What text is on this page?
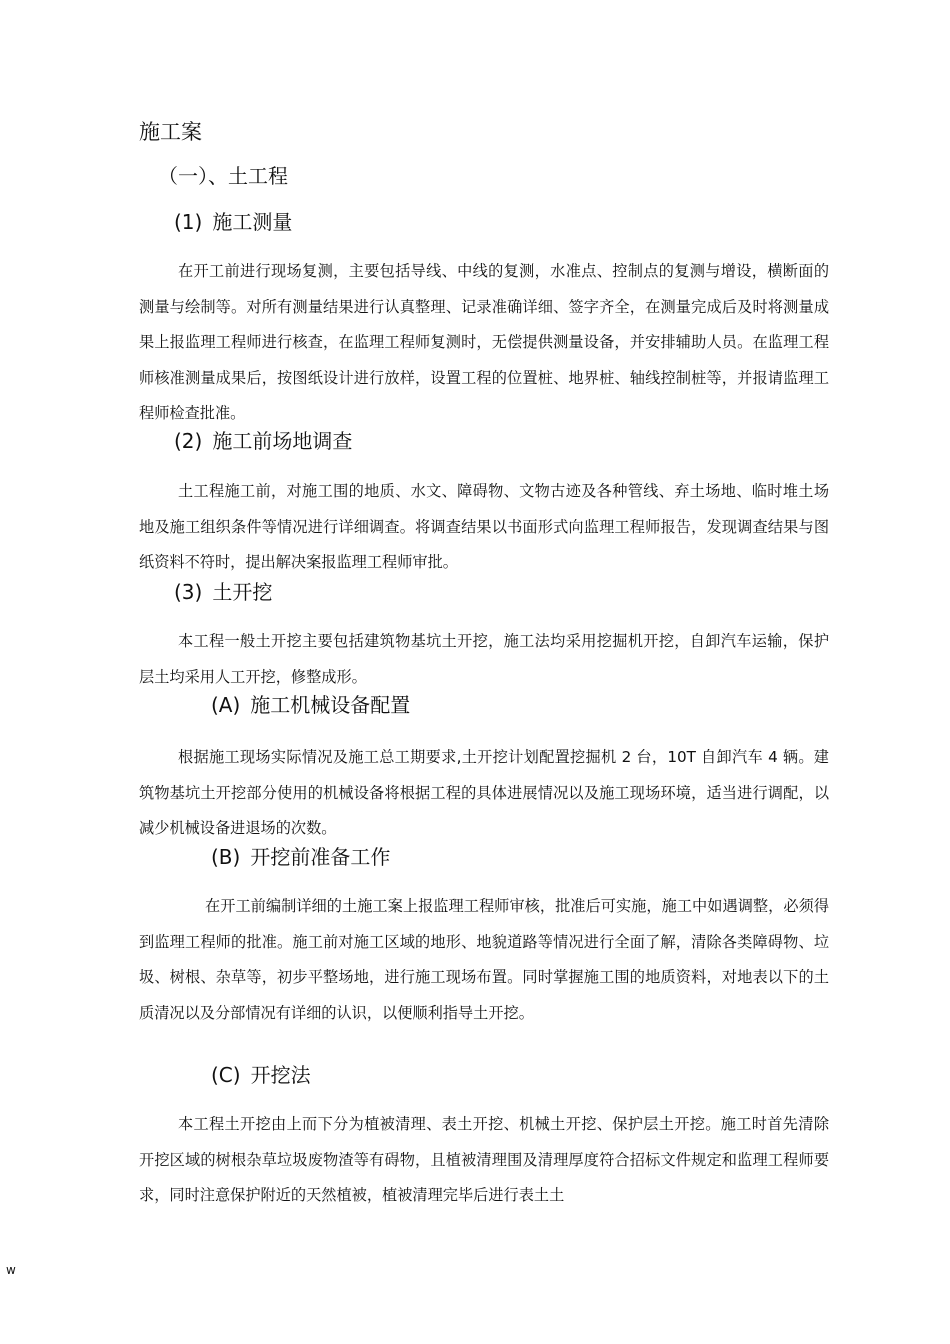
施工案
（一）、土工程
(1) 施工测量

在开工前进行现场复测，主要包括导线、中线的复测，水准点、控制点的复测与增设，横断面的测量与绘制等。对所有测量结果进行认真整理、记录准确详细、签字齐全，在测量完成后及时将测量成果上报监理工程师进行核查，在监理工程师复测时，无偿提供测量设备，并安排辅助人员。在监理工程师核准测量成果后，按图纸设计进行放样，设置工程的位置桩、地界桩、轴线控制桩等，并报请监理工程师检查批准。

(2) 施工前场地调查

土工程施工前，对施工围的地质、水文、障碍物、文物古迹及各种管线、弃土场地、临时堆土场地及施工组织条件等情况进行详细调查。将调查结果以书面形式向监理工程师报告，发现调查结果与图纸资料不符时，提出解决案报监理工程师审批。

(3) 土开挖

本工程一般土开挖主要包括建筑物基坑土开挖，施工法均采用挖掘机开挖，自卸汽车运输，保护层土均采用人工开挖，修整成形。

(A) 施工机械设备配置

根据施工现场实际情况及施工总工期要求,土开挖计划配置挖掘机 2 台，10T 自卸汽车 4 辆。建筑物基坑土开挖部分使用的机械设备将根据工程的具体进展情况以及施工现场环境，适当进行调配，以减少机械设备进退场的次数。

(B) 开挖前准备工作

在开工前编制详细的土施工案上报监理工程师审核，批准后可实施，施工中如遇调整，必须得到监理工程师的批准。施工前对施工区域的地形、地貌道路等情况进行全面了解，清除各类障碍物、垃圾、树根、杂草等，初步平整场地，进行施工现场布置。同时掌握施工围的地质资料，对地表以下的土质清况以及分部情况有详细的认识，以便顺利指导土开挖。

(C) 开挖法

本工程土开挖由上而下分为植被清理、表土开挖、机械土开挖、保护层土开挖。施工时首先清除开挖区域的树根杂草垃圾废物渣等有碍物，且植被清理围及清理厚度符合招标文件规定和监理工程师要求，同时注意保护附近的天然植被，植被清理完毕后进行表土土

w
